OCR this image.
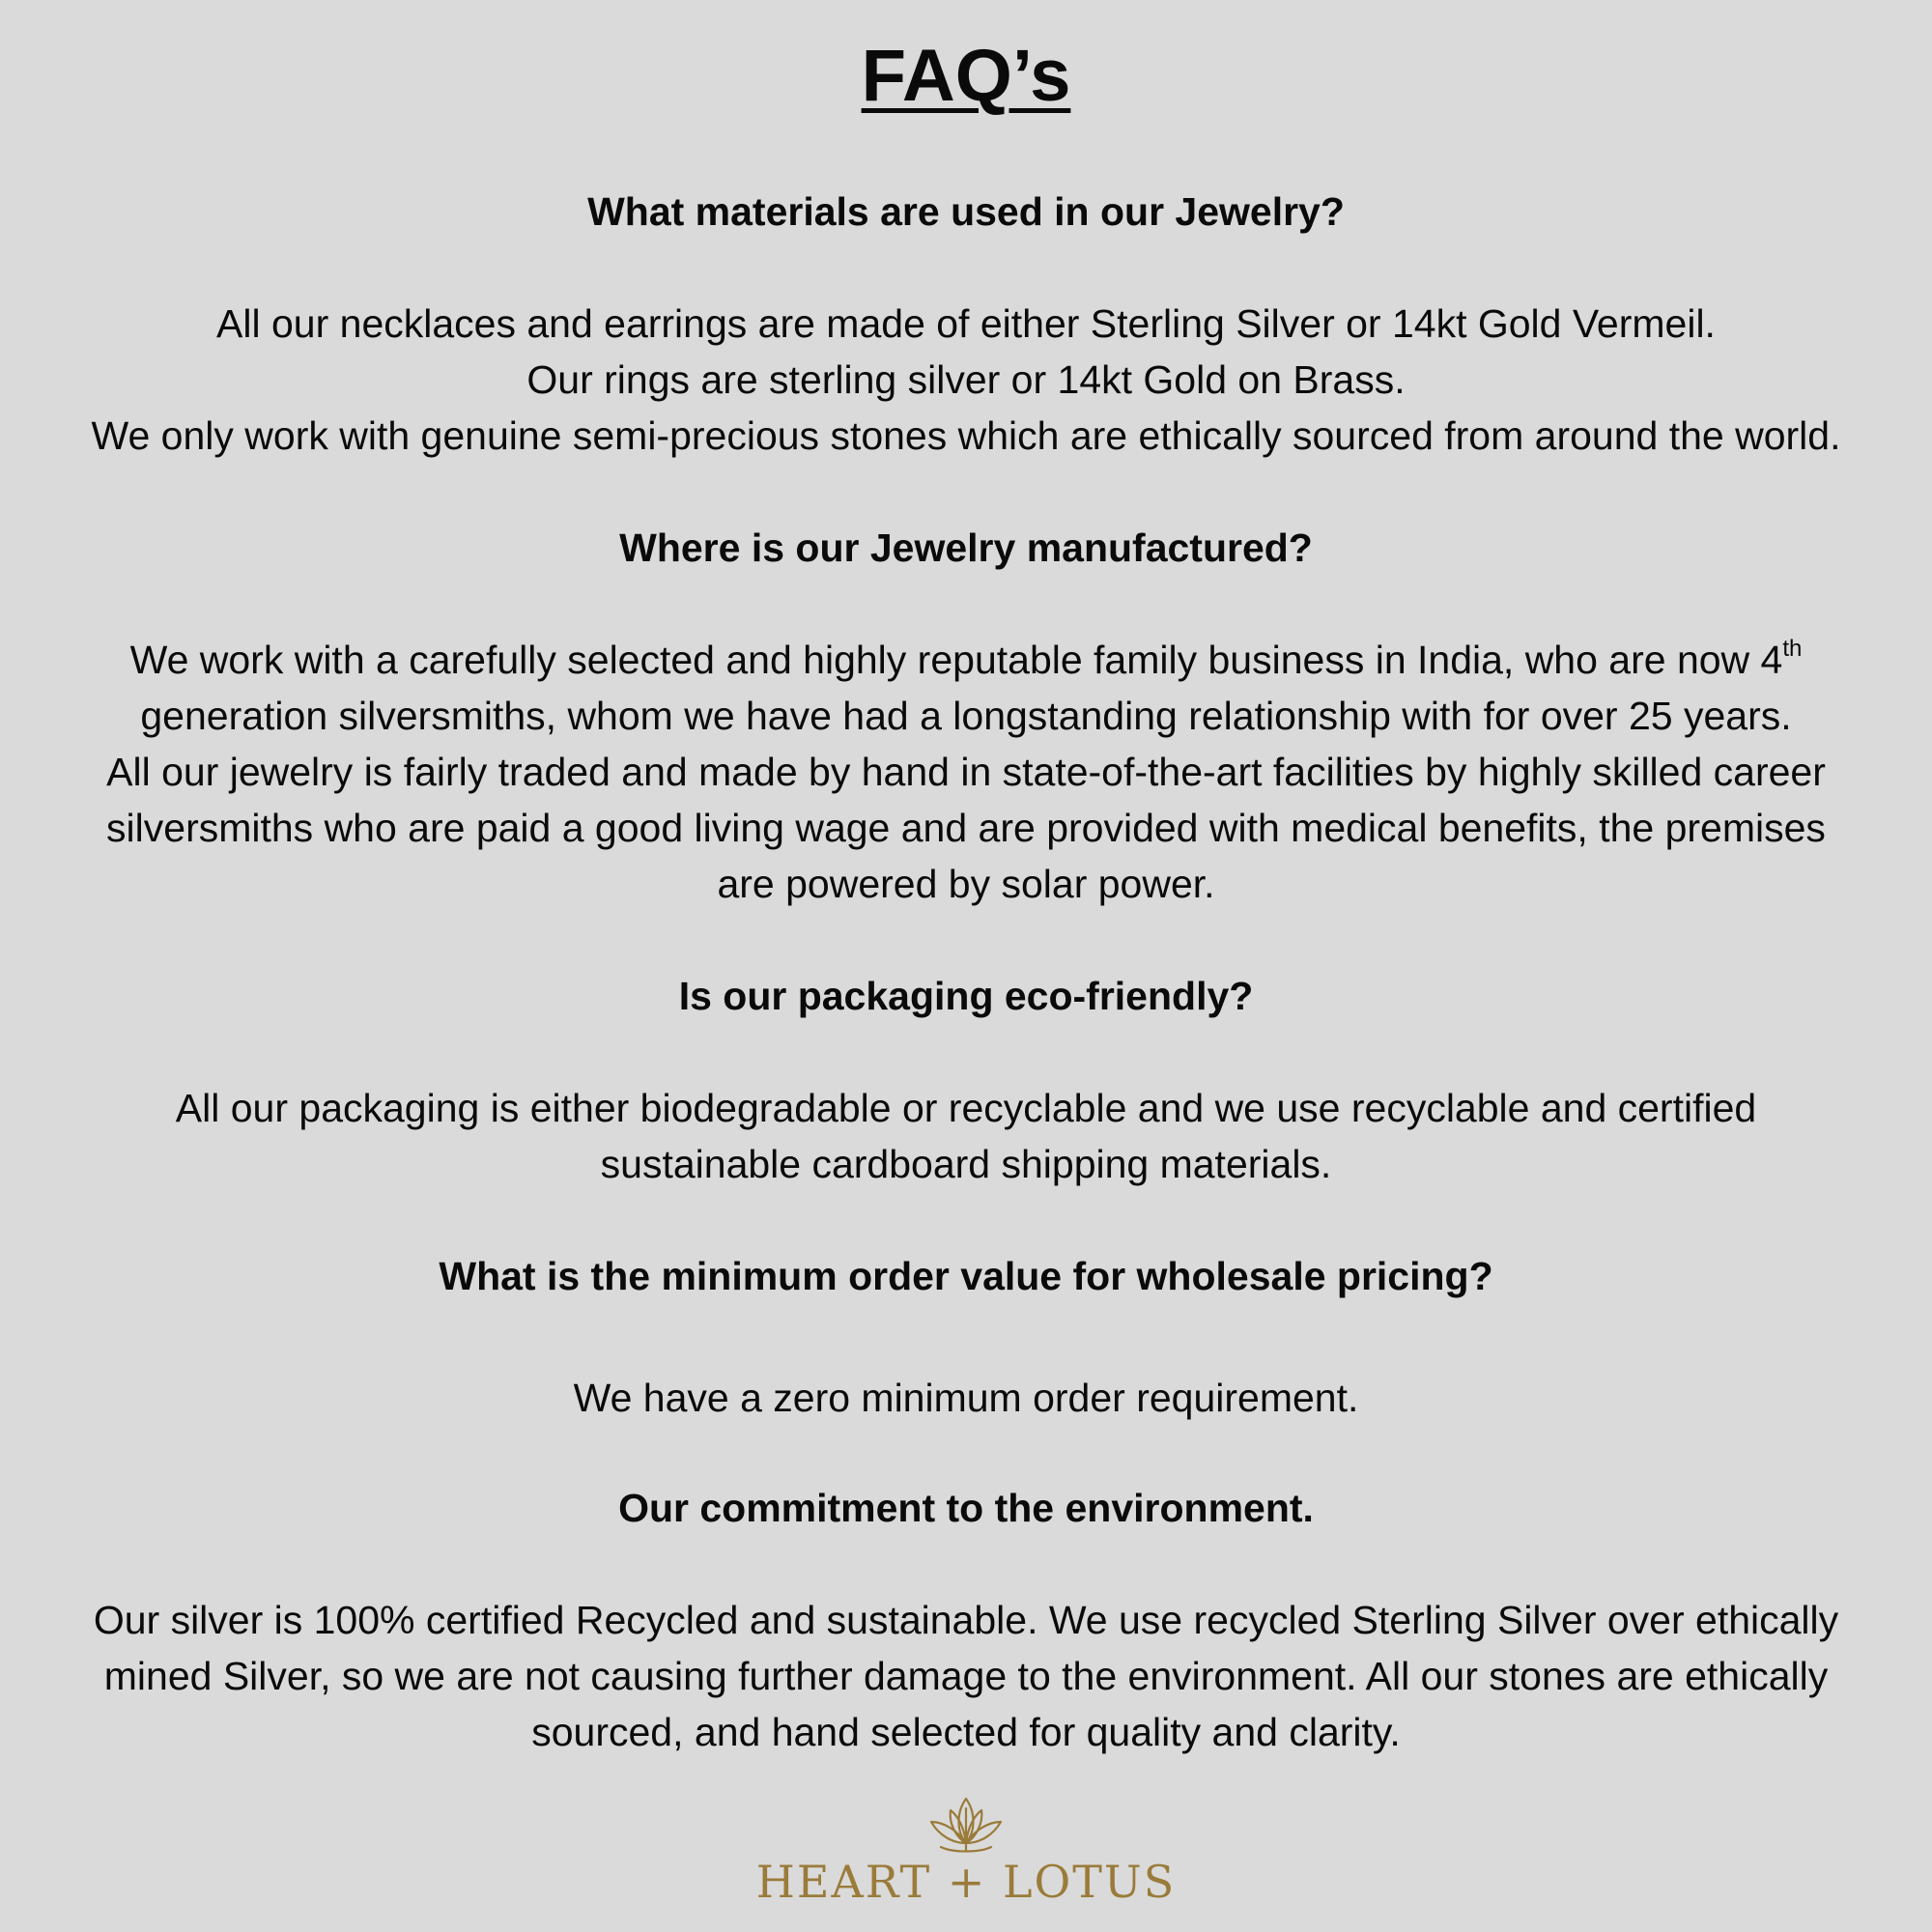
FAQ’s
What materials are used in our Jewelry?

All our necklaces and earrings are made of either Sterling Silver or 14kt Gold Vermeil.
Our rings are sterling silver or 14kt Gold on Brass.
We only work with genuine semi-precious stones which are ethically sourced from around the world.

Where is our Jewelry manufactured?

We work with a carefully selected and highly reputable family business in India, who are now 4th
generation silversmiths, whom we have had a longstanding relationship with for over 25 years.
All our jewelry is fairly traded and made by hand in state-of-the-art facilities by highly skilled career
silversmiths who are paid a good living wage and are provided with medical benefits, the premises
are powered by solar power.

Is our packaging eco-friendly?

All our packaging is either biodegradable or recyclable and we use recyclable and certified
sustainable cardboard shipping materials.

What is the minimum order value for wholesale pricing?

We have a zero minimum order requirement.

Our commitment to the environment.

Our silver is 100% certified Recycled and sustainable. We use recycled Sterling Silver over ethically
mined Silver, so we are not causing further damage to the environment. All our stones are ethically
sourced, and hand selected for quality and clarity.

HEART + LOTUS
